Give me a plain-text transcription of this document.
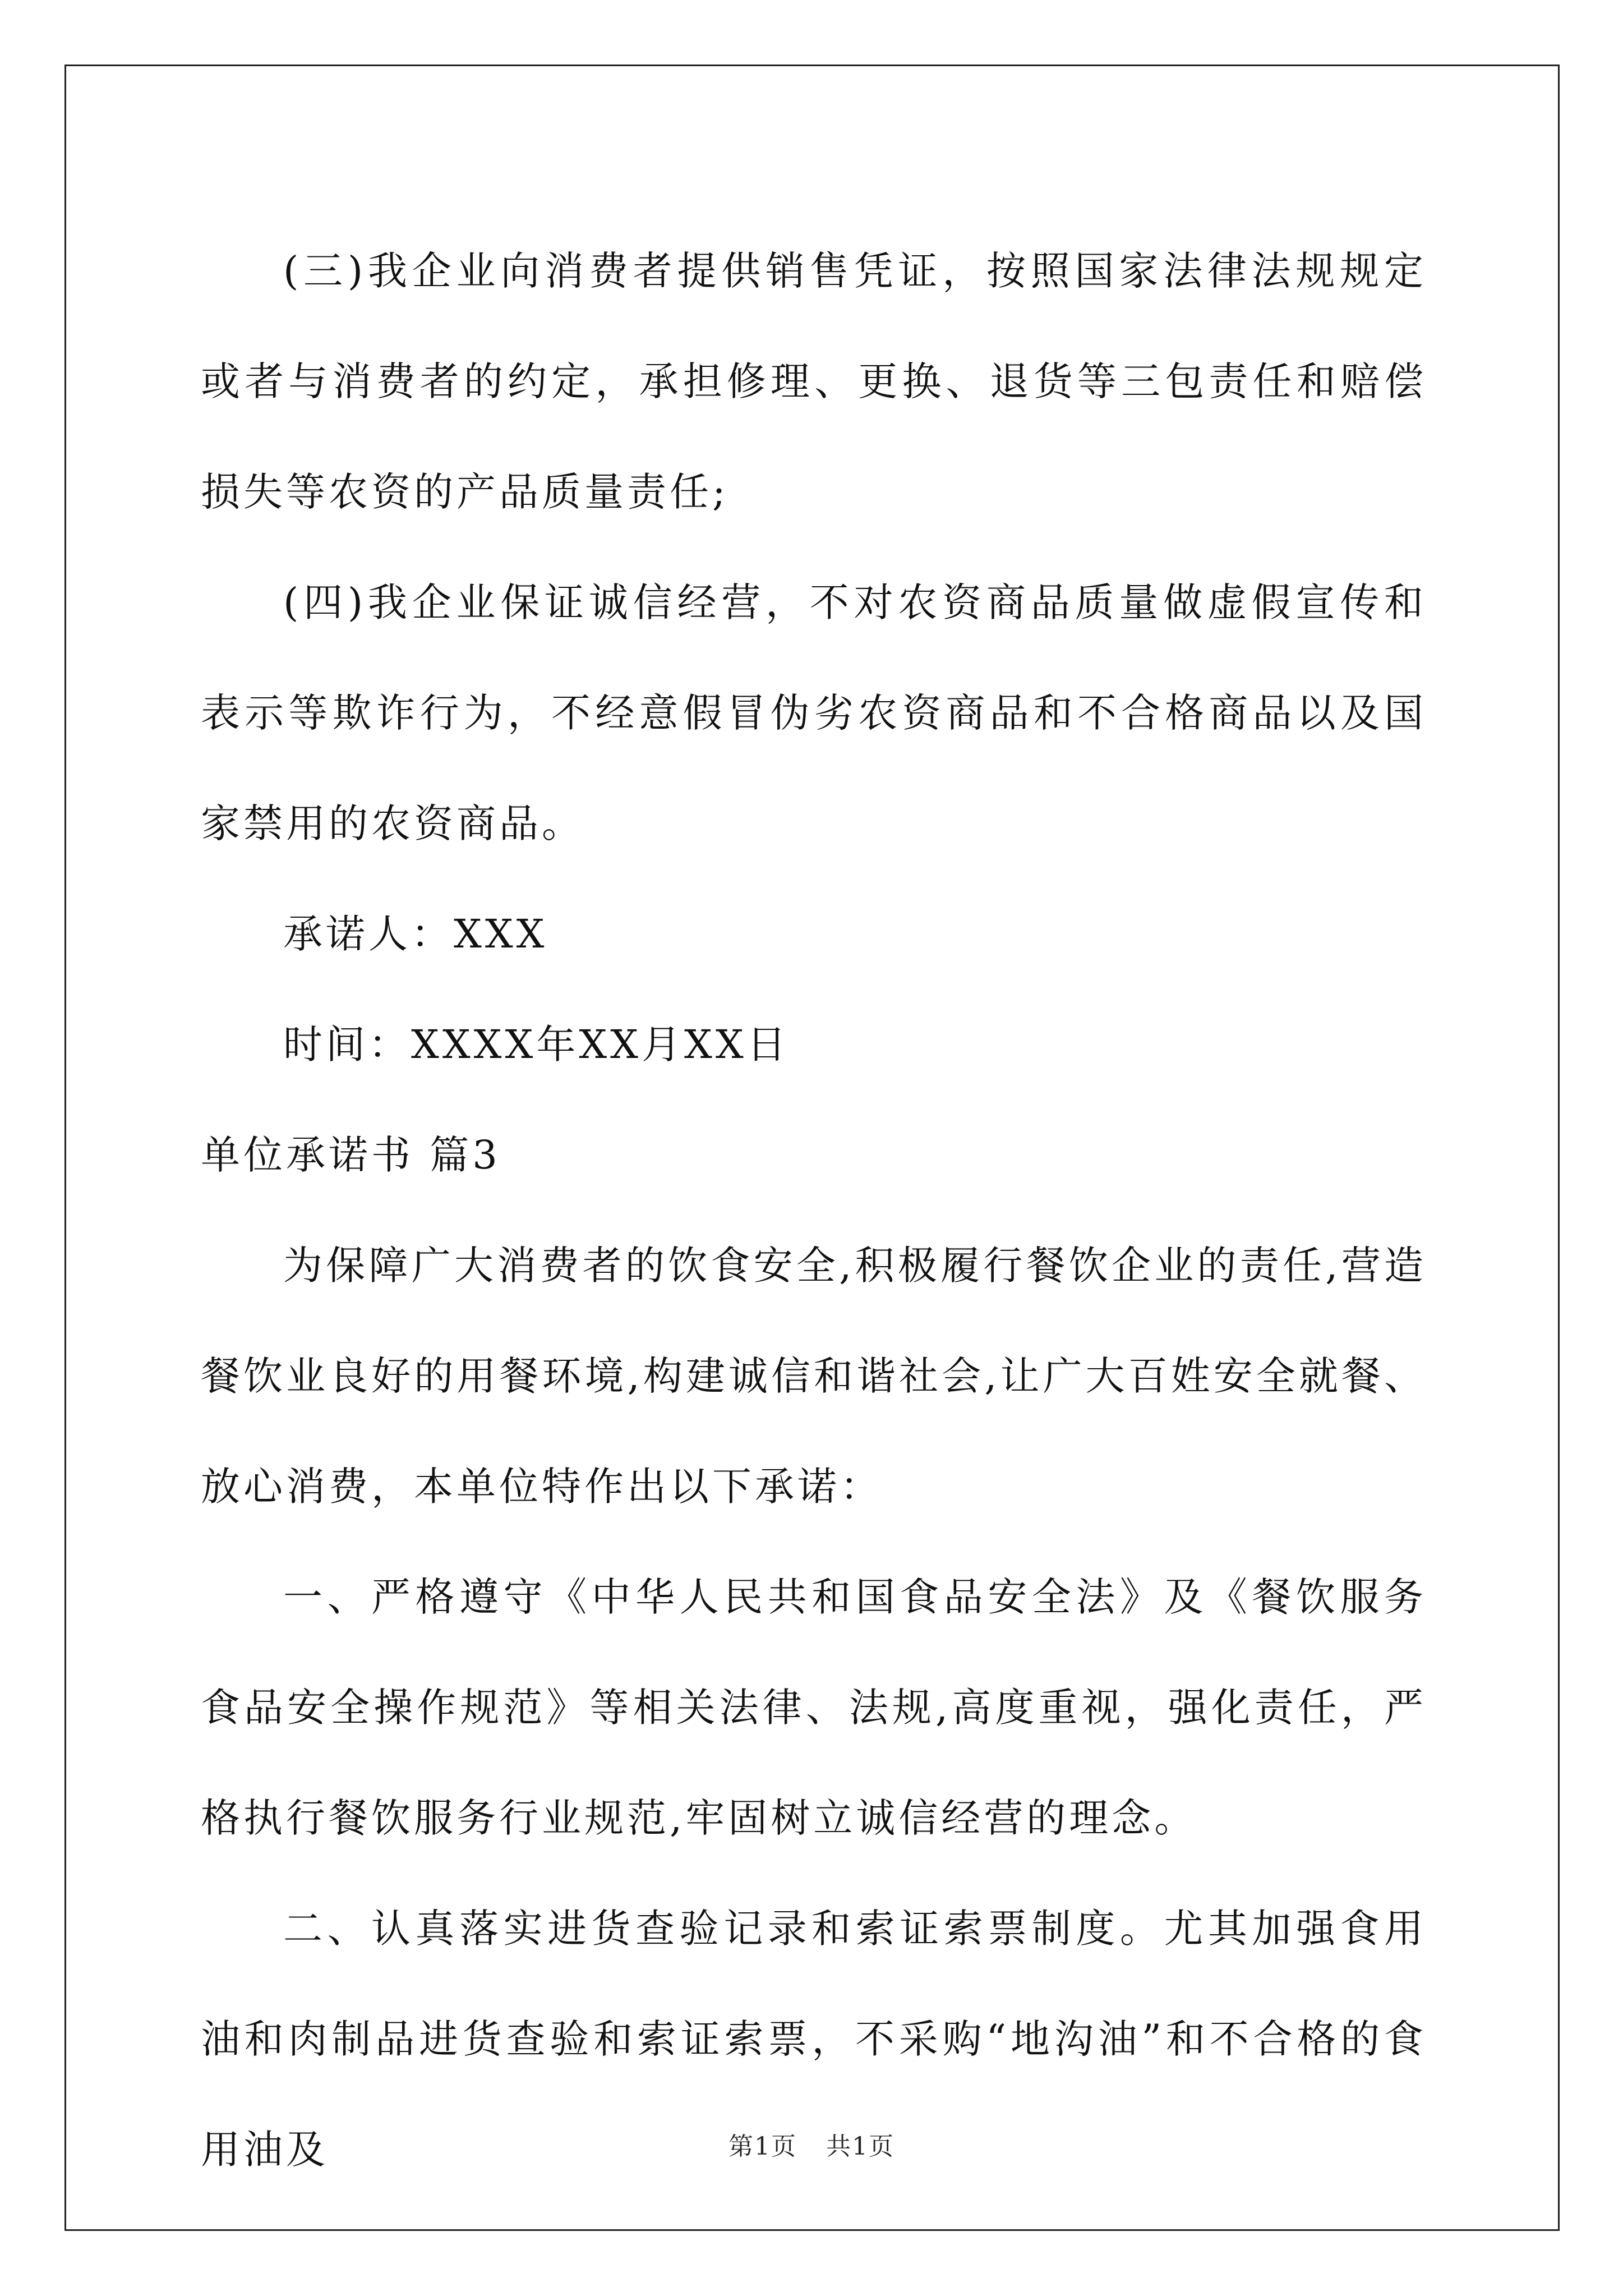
(三)我企业向消费者提供销售凭证，按照国家法律法规规定或者与消费者的约定，承担修理、更换、退货等三包责任和赔偿损失等农资的产品质量责任;

(四)我企业保证诚信经营，不对农资商品质量做虚假宣传和表示等欺诈行为，不经意假冒伪劣农资商品和不合格商品以及国家禁用的农资商品。

承诺人：XXX

时间：XXXX年XX月XX日

单位承诺书 篇3

为保障广大消费者的饮食安全,积极履行餐饮企业的责任,营造餐饮业良好的用餐环境,构建诚信和谐社会,让广大百姓安全就餐、放心消费，本单位特作出以下承诺：

一、严格遵守《中华人民共和国食品安全法》及《餐饮服务食品安全操作规范》等相关法律、法规,高度重视，强化责任，严格执行餐饮服务行业规范,牢固树立诚信经营的理念。

二、认真落实进货查验记录和索证索票制度。尤其加强食用油和肉制品进货查验和索证索票，不采购“地沟油”和不合格的食用油及	第1页 共1页
